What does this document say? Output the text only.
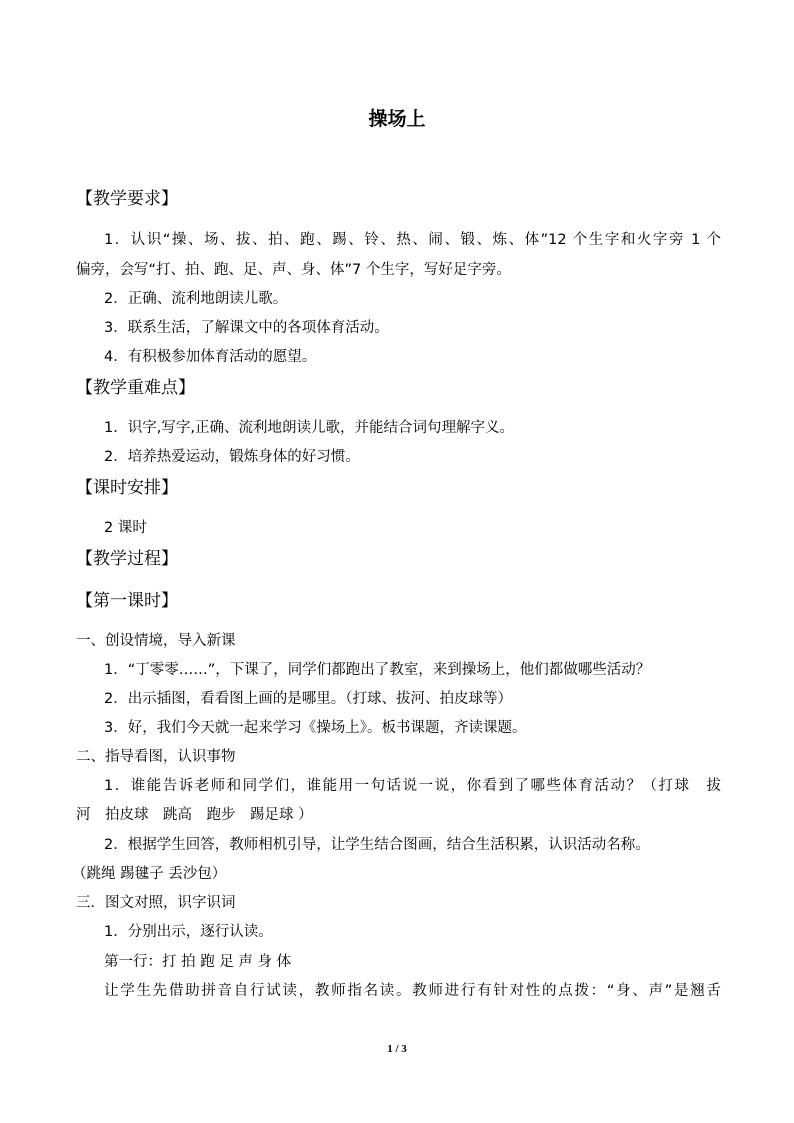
操场上
【教学要求】
1．认识“操、场、拔、拍、跑、踢、铃、热、闹、锻、炼、体”12 个生字和火字旁 1 个
偏旁，会写“打、拍、跑、足、声、身、体”7 个生字，写好足字旁。
2．正确、流利地朗读儿歌。
3．联系生活，了解课文中的各项体育活动。
4．有积极参加体育活动的愿望。
【教学重难点】
1．识字,写字,正确、流利地朗读儿歌，并能结合词句理解字义。
2．培养热爱运动，锻炼身体的好习惯。
【课时安排】
2 课时
【教学过程】
【第一课时】
一、创设情境，导入新课
1．“丁零零……”，下课了，同学们都跑出了教室，来到操场上，他们都做哪些活动？
2．出示插图，看看图上画的是哪里。（打球、拔河、拍皮球等）
3．好，我们今天就一起来学习《操场上》。板书课题，齐读课题。
二、指导看图，认识事物
1．谁能告诉老师和同学们，谁能用一句话说一说，你看到了哪些体育活动？（打球　拔
河　拍皮球　跳高　跑步　踢足球 ）
2．根据学生回答，教师相机引导，让学生结合图画，结合生活积累，认识活动名称。
（跳绳 踢毽子 丢沙包）
三．图文对照，识字识词
1．分别出示，逐行认读。
第一行：打 拍 跑 足 声 身 体
让学生先借助拼音自行试读，教师指名读。教师进行有针对性的点拨：“身、声”是翘舌
1 / 3
